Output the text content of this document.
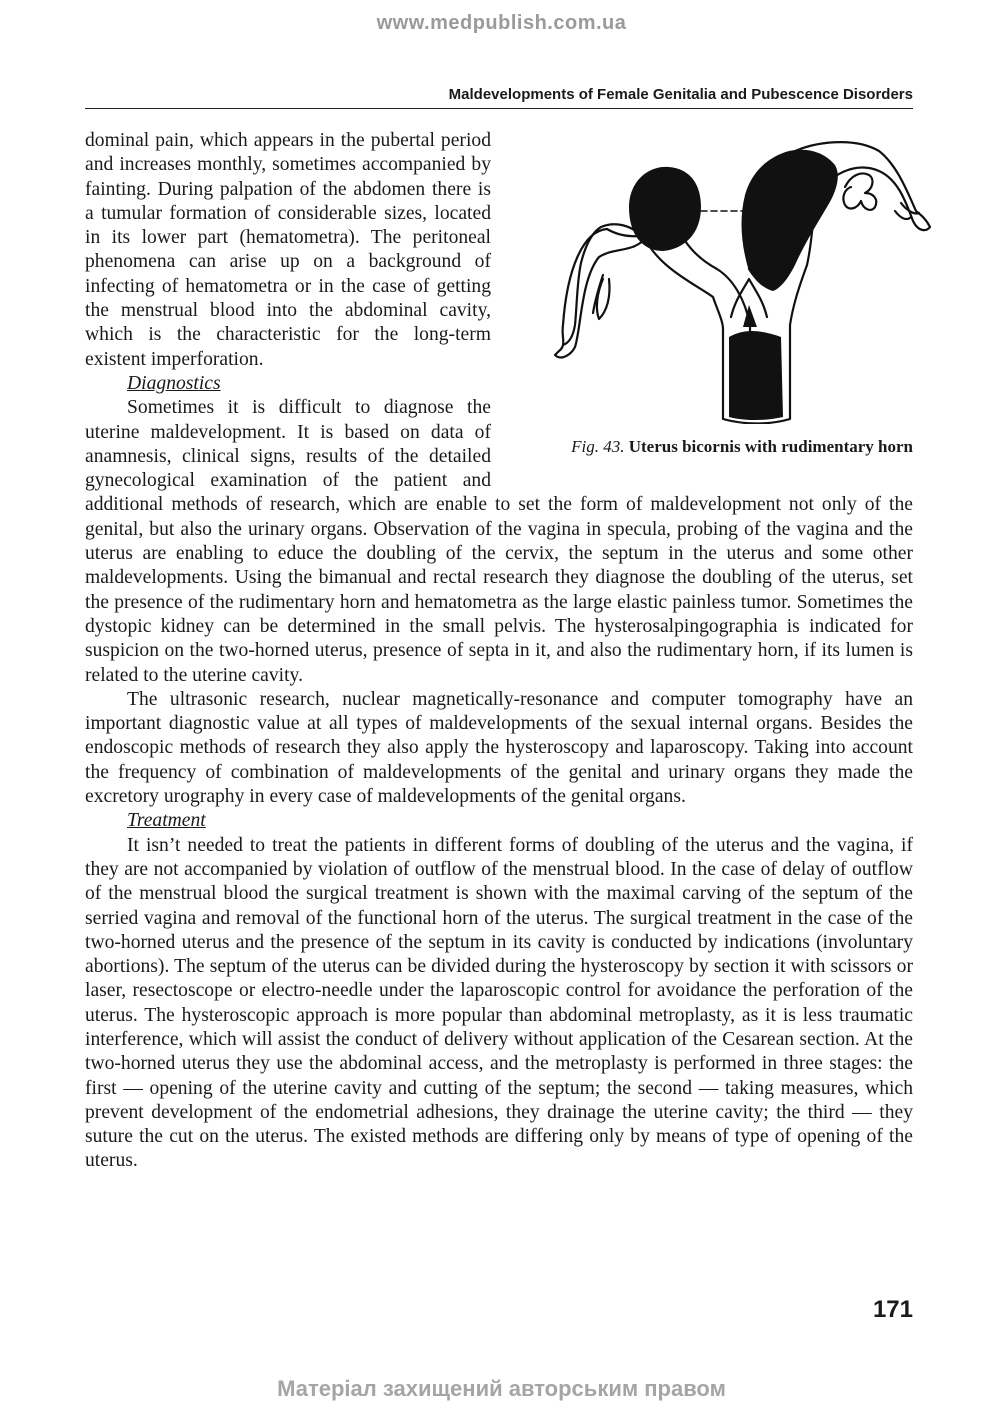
www.medpublish.com.ua
Maldevelopments of Female Genitalia and Pubescence Disorders
Fig. 43. Uterus bicornis with rudimentary horn

dominal pain, which appears in the pubertal period and increases monthly, sometimes accompanied by fainting. During palpation of the abdomen there is a tumular formation of considerable sizes, located in its lower part (hematometra). The peritoneal phenomena can arise up on a background of infecting of hematometra or in the case of getting the menstrual blood into the abdominal cavity, which is the characteristic for the long-term existent imperforation.

Diagnostics

Sometimes it is difficult to diagnose the uterine maldevelopment. It is based on data of anamnesis, clinical signs, results of the detailed gynecological examination of the patient and additional methods of research, which are enable to set the form of maldevelopment not only of the genital, but also the urinary organs. Observation of the vagina in specula, probing of the vagina and the uterus are enabling to educe the doubling of the cervix, the septum in the uterus and some other maldevelopments. Using the bimanual and rectal research they diagnose the doubling of the uterus, set the presence of the rudimentary horn and hematometra as the large elastic painless tumor. Sometimes the dystopic kidney can be determined in the small pelvis. The hysterosalpingographia is indicated for suspicion on the two-horned uterus, presence of septa in it, and also the rudimentary horn, if its lumen is related to the uterine cavity.

The ultrasonic research, nuclear magnetically-resonance and computer tomography have an important diagnostic value at all types of maldevelopments of the sexual internal organs. Besides the endoscopic methods of research they also apply the hysteroscopy and laparoscopy. Taking into account the frequency of combination of maldevelopments of the genital and urinary organs they made the excretory urography in every case of maldevelopments of the genital organs.

Treatment

It isn’t needed to treat the patients in different forms of doubling of the uterus and the vagina, if they are not accompanied by violation of outflow of the menstrual blood. In the case of delay of outflow of the menstrual blood the surgical treatment is shown with the maximal carving of the septum of the serried vagina and removal of the functional horn of the uterus. The surgical treatment in the case of the two-horned uterus and the presence of the septum in its cavity is conducted by indications (involuntary abortions). The septum of the uterus can be divided during the hysteroscopy by section it with scissors or laser, resectoscope or electro-needle under the laparoscopic control for avoidance the perforation of the uterus. The hysteroscopic approach is more popular than abdominal metroplasty, as it is less traumatic interference, which will assist the conduct of delivery without application of the Cesarean section. At the two-horned uterus they use the abdominal access, and the metroplasty is performed in three stages: the first — opening of the uterine cavity and cutting of the septum; the second — taking measures, which prevent development of the endometrial adhesions, they drainage the uterine cavity; the third — they suture the cut on the uterus. The existed methods are differing only by means of type of opening of the uterus.

171
Матеріал захищений авторським правом
